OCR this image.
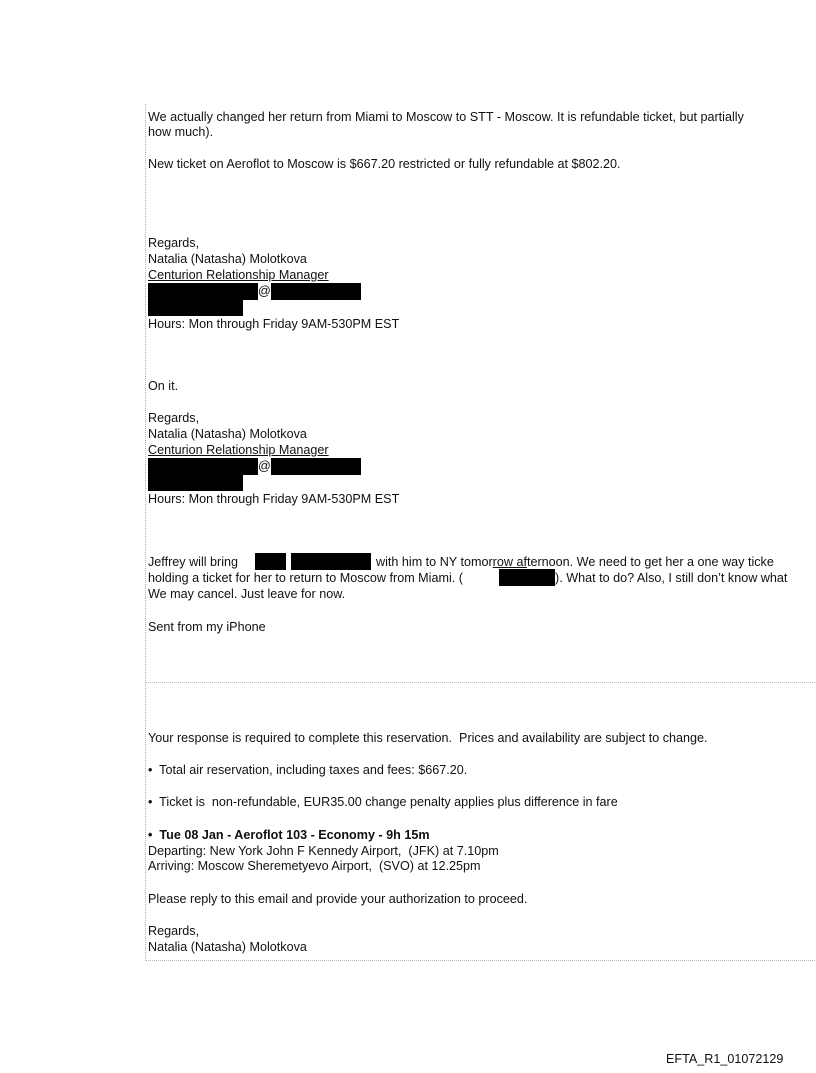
We actually changed her return from Miami to Moscow to STT - Moscow. It is refundable ticket, but partially
how much).
New ticket on Aeroflot to Moscow is $667.20 restricted or fully refundable at $802.20.
Regards,
Natalia (Natasha) Molotkova
Centurion Relationship Manager
@
Hours: Mon through Friday 9AM-530PM EST
On it.
Regards,
Natalia (Natasha) Molotkova
Centurion Relationship Manager
@
Hours: Mon through Friday 9AM-530PM EST
Jeffrey will bring	with him to NY tomorrow afternoon. We need to get her a one way ticke
holding a ticket for her to return to Moscow from Miami. (	). What to do? Also, I still don’t know what
We may cancel. Just leave for now.
Sent from my iPhone
Your response is required to complete this reservation.  Prices and availability are subject to change.
•  Total air reservation, including taxes and fees: $667.20.
•  Ticket is  non-refundable, EUR35.00 change penalty applies plus difference in fare
•  Tue 08 Jan - Aeroflot 103 - Economy - 9h 15m
Departing: New York John F Kennedy Airport,  (JFK) at 7.10pm
Arriving: Moscow Sheremetyevo Airport,  (SVO) at 12.25pm
Please reply to this email and provide your authorization to proceed.
Regards,
Natalia (Natasha) Molotkova
EFTA_R1_01072129
